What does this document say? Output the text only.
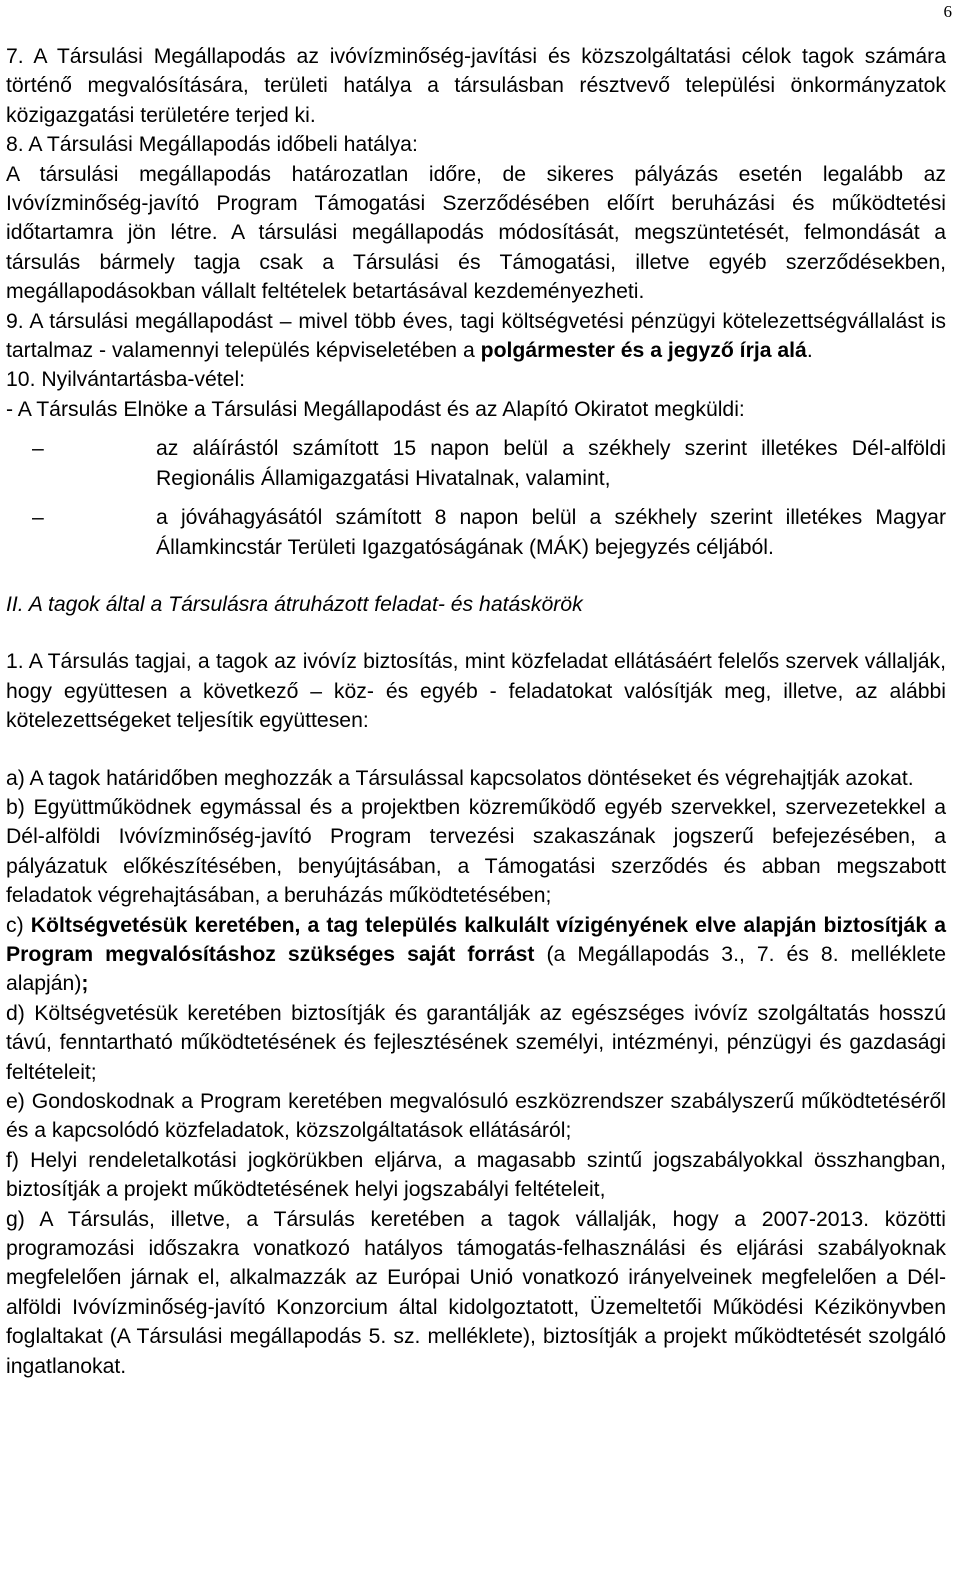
6

7. A Társulási Megállapodás az ivóvízminőség-javítási és közszolgáltatási célok tagok számára történő megvalósítására, területi hatálya a társulásban résztvevő települési önkormányzatok közigazgatási területére terjed ki.

8. A Társulási Megállapodás időbeli hatálya:

A társulási megállapodás határozatlan időre, de sikeres pályázás esetén legalább az Ivóvízminőség-javító Program Támogatási Szerződésében előírt beruházási és működtetési időtartamra jön létre. A társulási megállapodás módosítását, megszüntetését, felmondását a társulás bármely tagja csak a Társulási és Támogatási, illetve egyéb szerződésekben, megállapodásokban vállalt feltételek betartásával kezdeményezheti.

9. A társulási megállapodást – mivel több éves, tagi költségvetési pénzügyi kötelezettségvállalást is tartalmaz - valamennyi település képviseletében a polgármester és a jegyző írja alá.

10. Nyilvántartásba-vétel:

- A Társulás Elnöke a Társulási Megállapodást és az Alapító Okiratot megküldi:

–	az aláírástól számított 15 napon belül a székhely szerint illetékes Dél-alföldi Regionális Államigazgatási Hivatalnak, valamint,
–	a jóváhagyásától számított 8 napon belül a székhely szerint illetékes Magyar Államkincstár Területi Igazgatóságának (MÁK) bejegyzés céljából.

II. A tagok által a Társulásra átruházott feladat- és hatáskörök

1. A Társulás tagjai, a tagok az ivóvíz biztosítás, mint közfeladat ellátásáért felelős szervek vállalják, hogy együttesen a következő – köz- és egyéb - feladatokat valósítják meg, illetve, az alábbi kötelezettségeket teljesítik együttesen:

a) A tagok határidőben meghozzák a Társulással kapcsolatos döntéseket és végrehajtják azokat.

b) Együttműködnek egymással és a projektben közreműködő egyéb szervekkel, szervezetekkel a Dél-alföldi Ivóvízminőség-javító Program tervezési szakaszának jogszerű befejezésében, a pályázatuk előkészítésében, benyújtásában, a Támogatási szerződés és abban megszabott feladatok végrehajtásában, a beruházás működtetésében;

c) Költségvetésük keretében, a tag település kalkulált vízigényének elve alapján biztosítják a Program megvalósításhoz szükséges saját forrást (a Megállapodás 3., 7. és 8. melléklete alapján);

d) Költségvetésük keretében biztosítják és garantálják az egészséges ivóvíz szolgáltatás hosszú távú, fenntartható működtetésének és fejlesztésének személyi, intézményi, pénzügyi és gazdasági feltételeit;

e) Gondoskodnak a Program keretében megvalósuló eszközrendszer szabályszerű működtetéséről és a kapcsolódó közfeladatok, közszolgáltatások ellátásáról;

f) Helyi rendeletalkotási jogkörükben eljárva, a magasabb szintű jogszabályokkal összhangban, biztosítják a projekt működtetésének helyi jogszabályi feltételeit,

g) A Társulás, illetve, a Társulás keretében a tagok vállalják, hogy a 2007-2013. közötti programozási időszakra vonatkozó hatályos támogatás-felhasználási és eljárási szabályoknak megfelelően járnak el, alkalmazzák az Európai Unió vonatkozó irányelveinek megfelelően a Dél-alföldi Ivóvízminőség-javító Konzorcium által kidolgoztatott, Üzemeltetői Működési Kézikönyvben foglaltakat (A Társulási megállapodás 5. sz. melléklete), biztosítják a projekt működtetését szolgáló ingatlanokat.
